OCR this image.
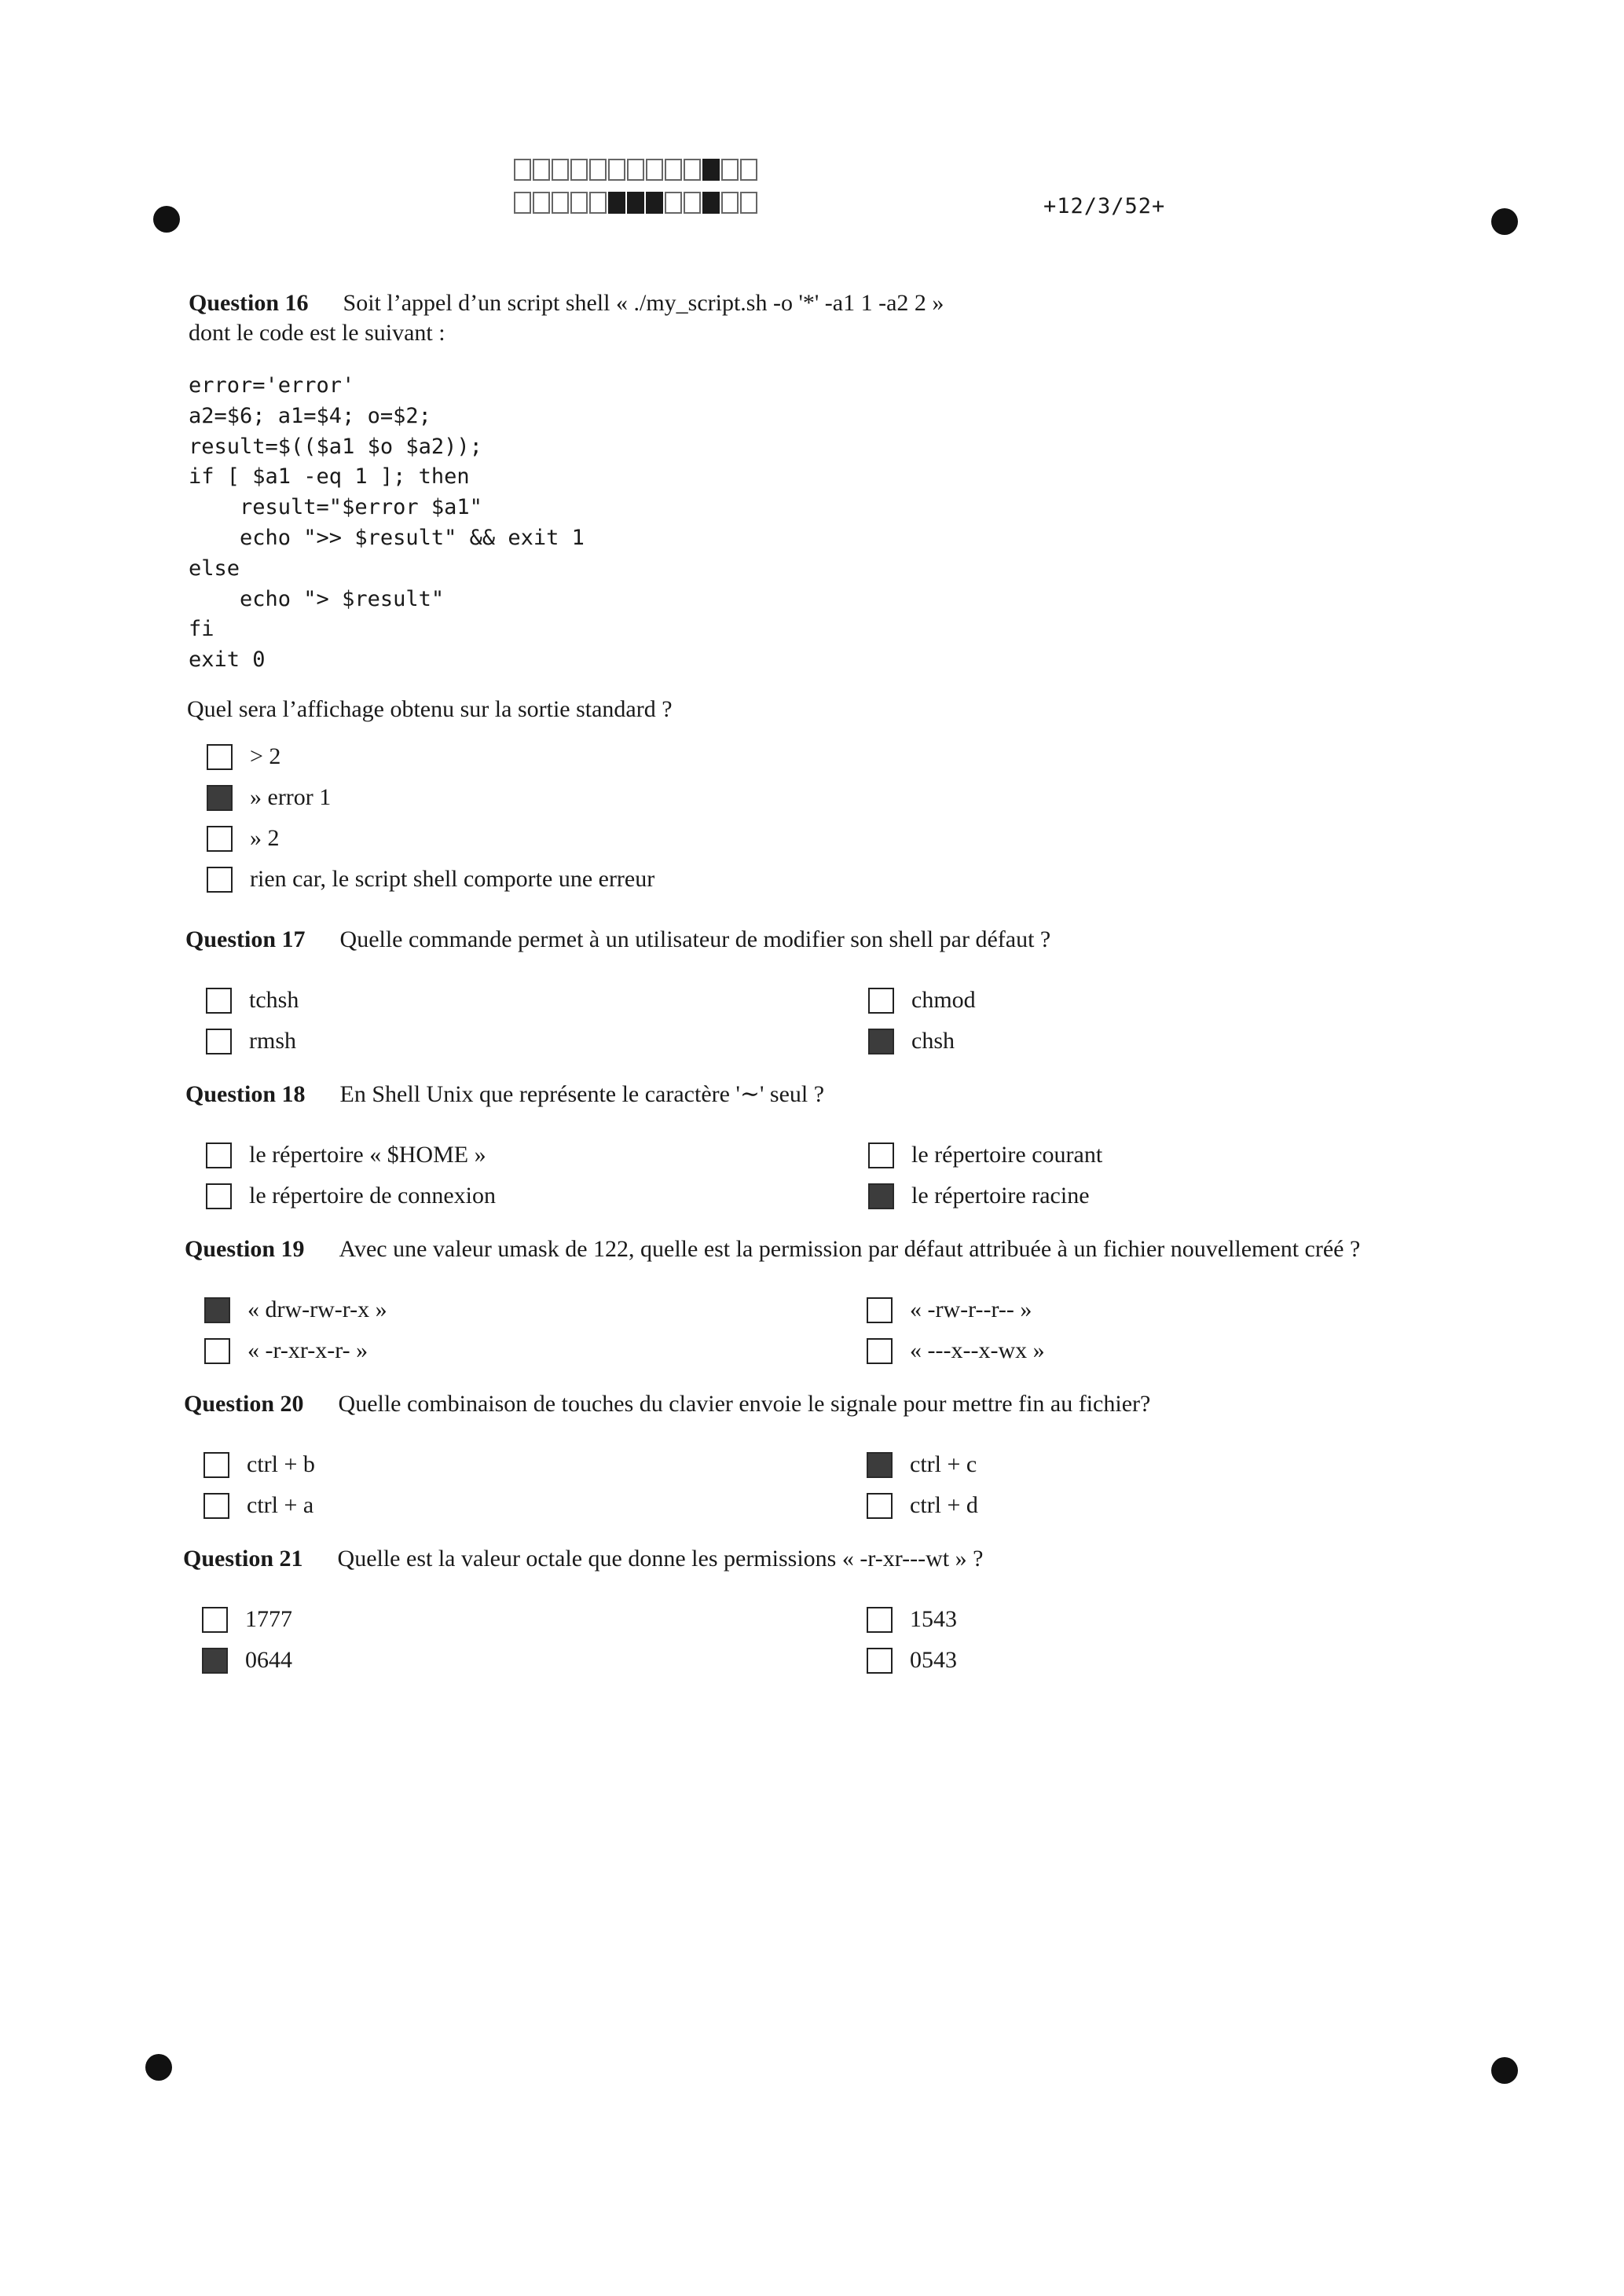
+12/3/52+
Question 16 Soit l’appel d’un script shell « ./my_script.sh -o '*' -a1 1 -a2 2 »
dont le code est le suivant :
error='error'
a2=$6; a1=$4; o=$2;
result=$(($a1 $o $a2));
if [ $a1 -eq 1 ]; then
result="$error $a1"
echo ">> $result" && exit 1
else
echo "> $result"
fi
exit 0
Quel sera l’affichage obtenu sur la sortie standard ?
> 2
» error 1
» 2
rien car, le script shell comporte une erreur
Question 17 Quelle commande permet à un utilisateur de modifier son shell par défaut ?
tchsh
rmsh
chmod
chsh
Question 18 En Shell Unix que représente le caractère '∼' seul ?
le répertoire « $HOME »
le répertoire de connexion
le répertoire courant
le répertoire racine
Question 19 Avec une valeur umask de 122, quelle est la permission par défaut attribuée à un fichier nouvellement créé ?
« drw-rw-r-x »
« -r-xr-x-r- »
« -rw-r--r-- »
« ---x--x-wx »
Question 20 Quelle combinaison de touches du clavier envoie le signale pour mettre fin au fichier?
ctrl + b
ctrl + a
ctrl + c
ctrl + d
Question 21 Quelle est la valeur octale que donne les permissions « -r-xr---wt » ?
1777
0644
1543
0543
